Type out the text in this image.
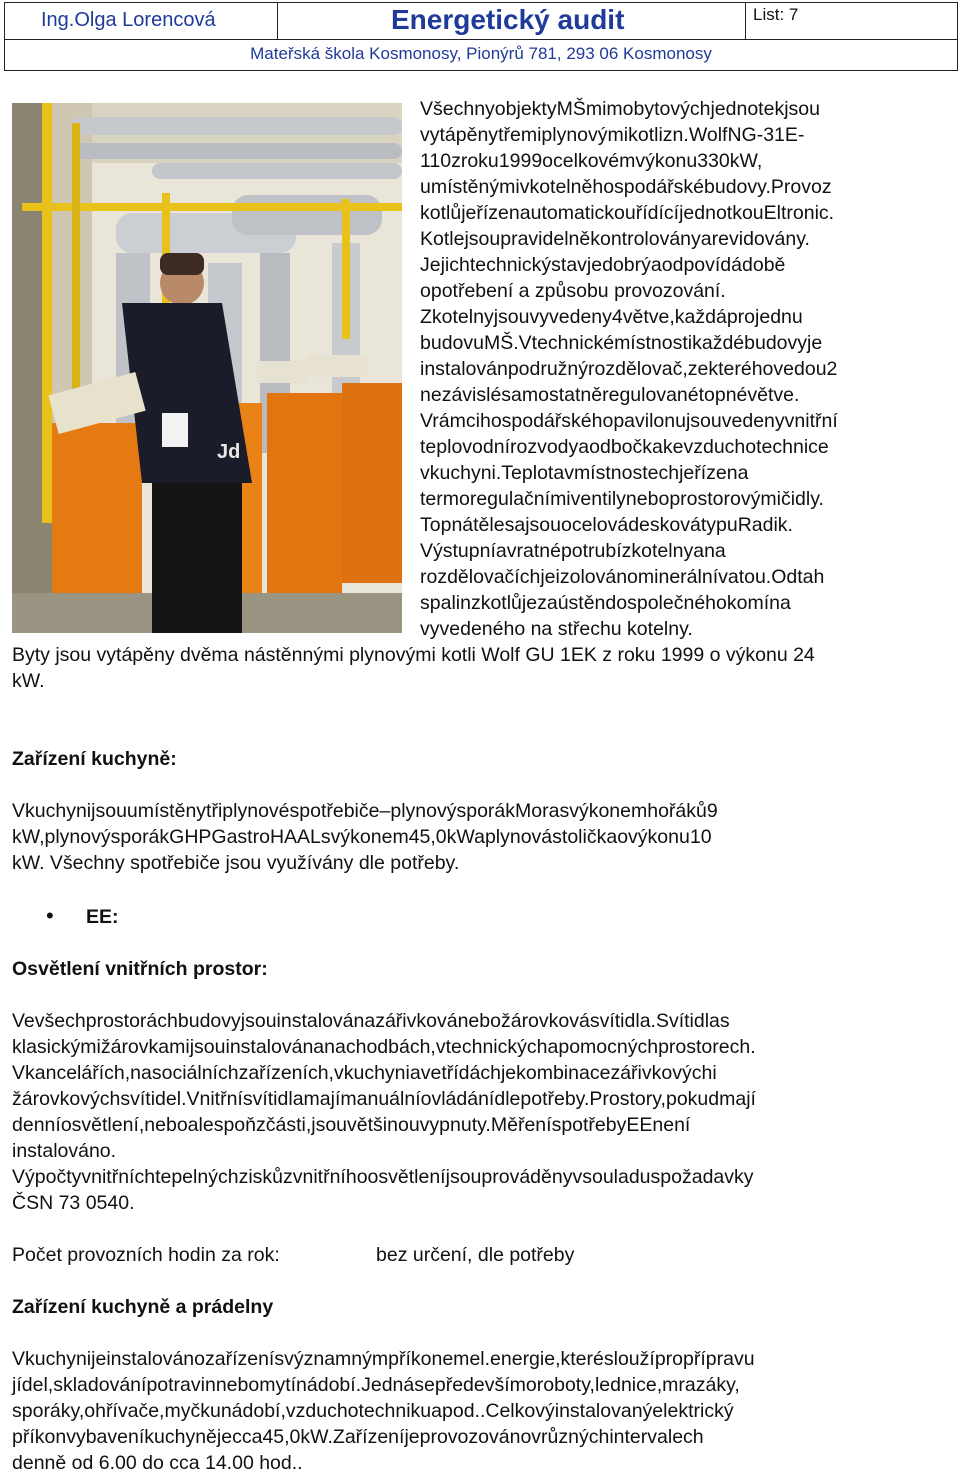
Ing.Olga Lorencová	Energetický audit	List: 7
Mateřská škola Kosmonosy, Pionýrů 781, 293 06 Kosmonosy
Jd
VšechnyobjektyMŠmimobytovýchjednotekjsou
vytápěnytřemiplynovýmikotlizn.WolfNG-31E-
110zroku1999ocelkovémvýkonu330kW,
umístěnýmivkotelněhospodářskébudovy.Provoz
kotlůjeřízenautomatickouřídícíjednotkouEltronic.
Kotlejsoupravidelněkontroloványarevidovány.
Jejichtechnickýstavjedobrýaodpovídádobě
opotřebení a způsobu provozování.
Zkotelnyjsouvyvedeny4větve,každáprojednu
budovuMŠ.Vtechnickémístnostikaždébudovyje
instalovánpodružnýrozdělovač,zekteréhovedou2
nezávislésamostatněregulovanétopnévětve.
Vrámcihospodářskéhopavilonujsouvedenyvnitřní
teplovodnírozvodyaodbočkakevzduchotechnice
vkuchyni.Teplotavmístnostechjeřízena
termoregulačnímiventilyneboprostorovýmičidly.
TopnátělesajsouocelovádeskovátypuRadik.
Výstupníavratnépotrubízkotelnyana
rozdělovačíchjeizolovánominerálnívatou.Odtah
spalinzkotlůjezaústěndospolečnéhokomína
vyvedeného na střechu kotelny.
Byty jsou vytápěny dvěma nástěnnými plynovými kotli Wolf GU 1EK z roku 1999 o výkonu 24
kW.
Zařízení kuchyně:
Vkuchynijsouumístěnytřiplynovéspotřebiče–plynovýsporákMorasvýkonemhořáků9
kW,plynovýsporákGHPGastroHAALsvýkonem45,0kWaplynovástoličkaovýkonu10
kW. Všechny spotřebiče jsou využívány dle potřeby.
• EE:
Osvětlení vnitřních prostor:
Vevšechprostoráchbudovyjsouinstalovánazářivkovánebožárovkovásvítidla.Svítidlas
klasickýmižárovkamijsouinstalovánanachodbách,vtechnickýchapomocnýchprostorech.
Vkancelářích,nasociálníchzařízeních,vkuchyniavetřídáchjekombinacezářivkovýchi
žárovkovýchsvítidel.Vnitřnísvítidlamajímanuálníovládánídlepotřeby.Prostory,pokudmají
denníosvětlení,neboalespoňzčásti,jsouvětšinouvypnuty.MěřeníspotřebyEEnení
instalováno.
Výpočtyvnitřníchtepelnýchziskůzvnitřníhoosvětleníjsouprováděnyvsouladuspožadavky
ČSN 73 0540.
Počet provozních hodin za rok:	bez určení, dle potřeby
Zařízení kuchyně a prádelny
Vkuchynijeinstalovánozařízenísvýznamnýmpříkonemel.energie,kterésloužípropřípravu
jídel,skladovánípotravinnebomytínádobí.Jednásepředevšímoroboty,lednice,mrazáky,
sporáky,ohřívače,myčkunádobí,vzduchotechnikuapod..Celkovýinstalovanýelektrický
příkonvybaveníkuchynějecca45,0kW.Zařízeníjeprovozovánovrůznýchintervalech
denně od 6.00 do cca 14.00 hod..
